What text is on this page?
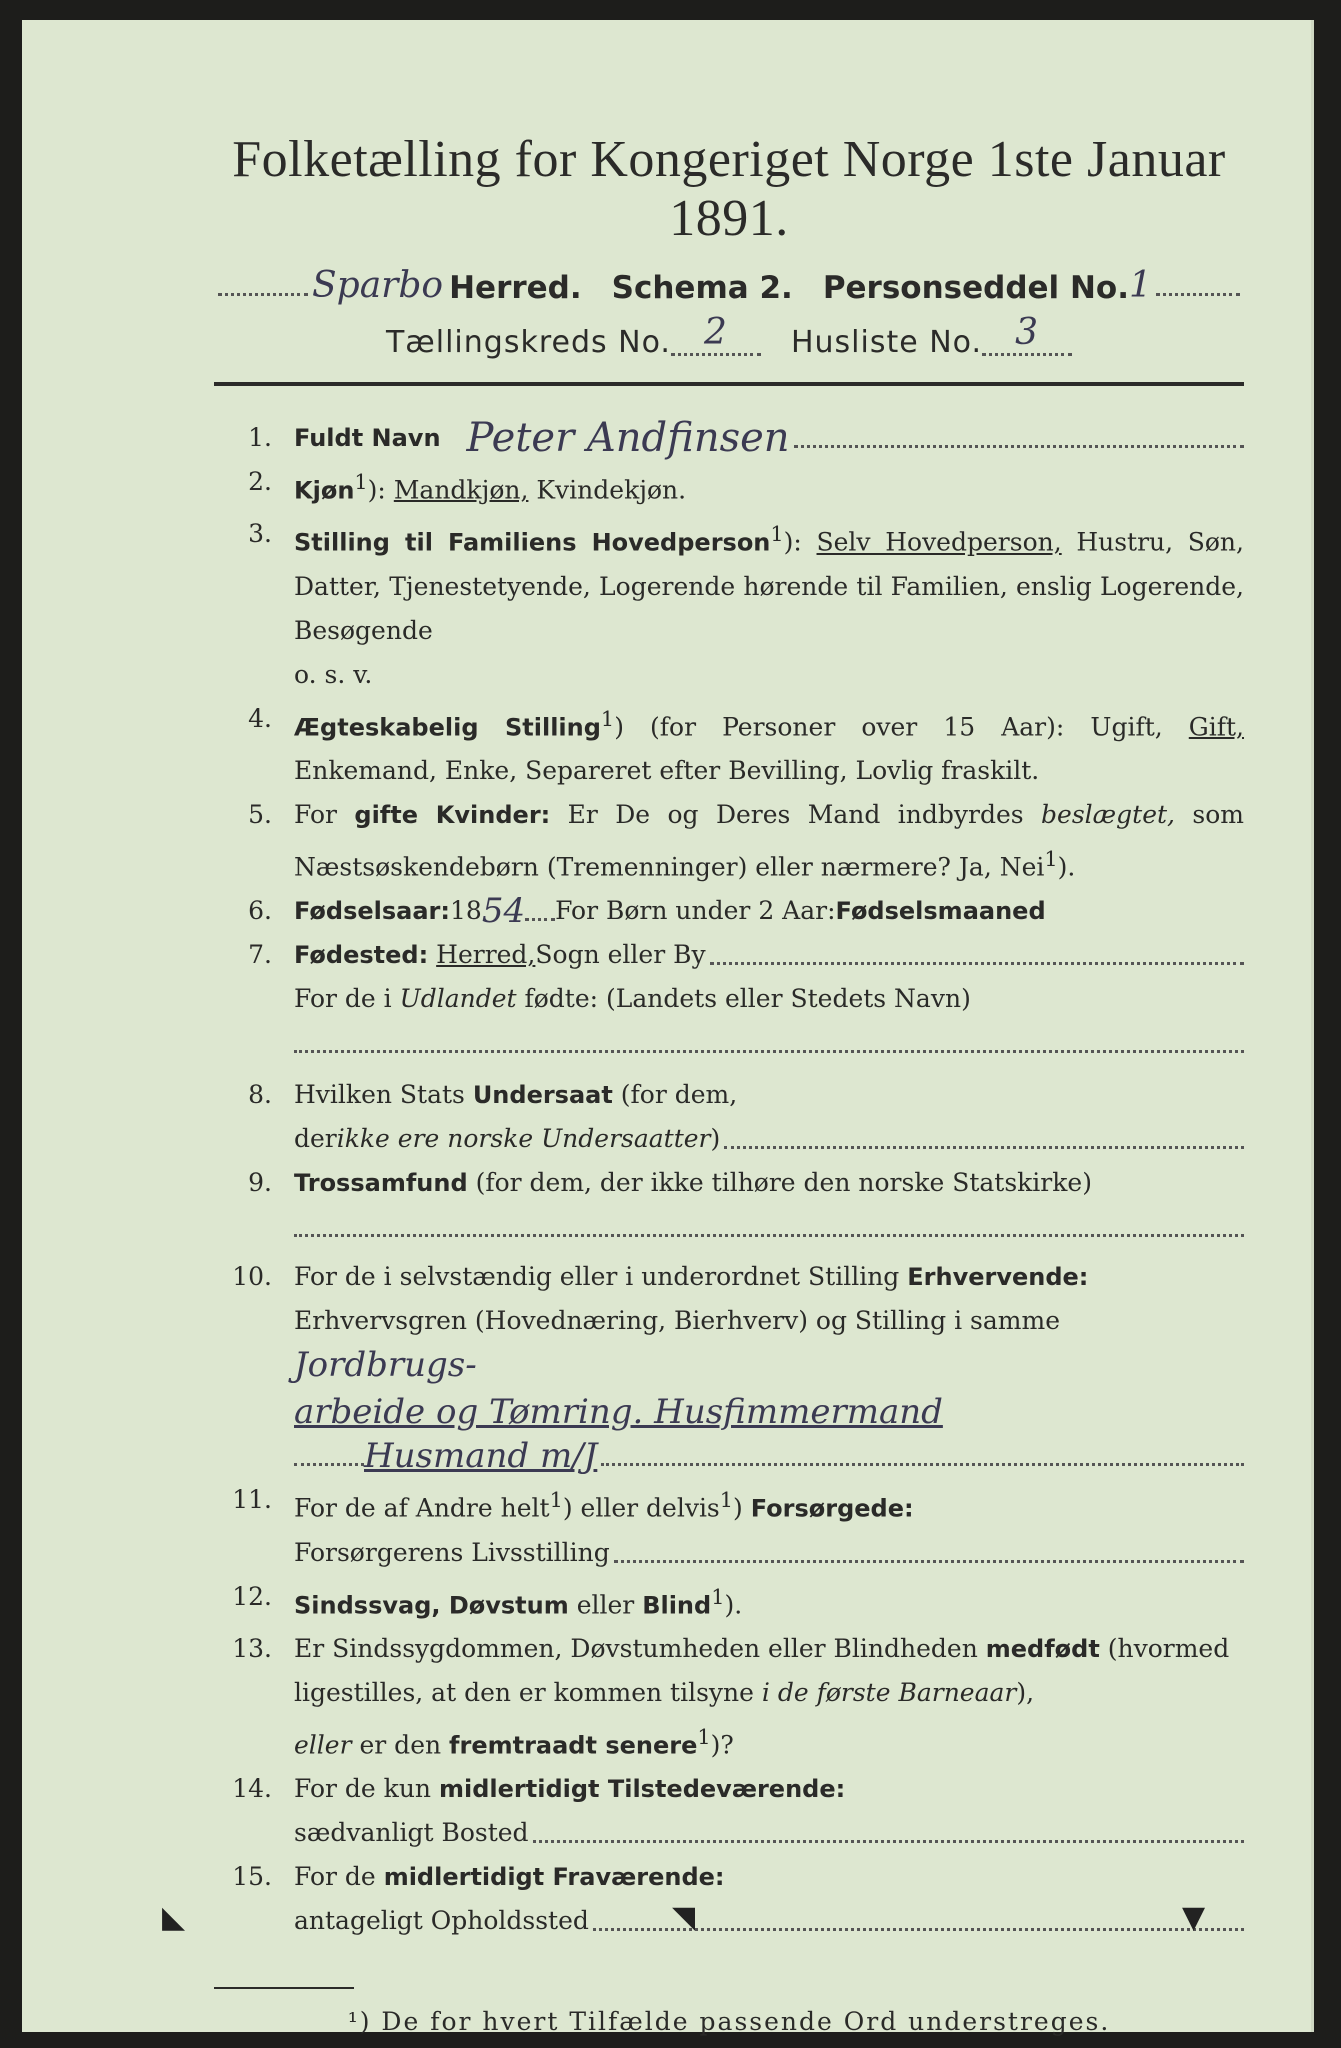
Folketælling for Kongeriget Norge 1ste Januar 1891.
Sparbo Herred. Schema 2. Personseddel No. 1
Tællingskreds No. 2	Husliste No. 3
1. Fuldt Navn Peter Andfinsen
2. Kjøn$^1$): Mandkjøn, Kvindekjøn.
3. Stilling til Familiens Hovedperson$^1$): Selv Hovedperson, Hustru, Søn, Datter, Tjenestetyende, Logerende hørende til Familien, enslig Logerende, Besøgende
o. s. v.
4. Ægteskabelig Stilling$^1$) (for Personer over 15 Aar): Ugift, Gift, Enkemand, Enke, Separeret efter Bevilling, Lovlig fraskilt.
5. For gifte Kvinder: Er De og Deres Mand indbyrdes beslægtet, som Næstsøskendebørn (Tremenninger) eller nærmere? Ja, Nei$^1$).
6. Fødselsaar: 18 54 For Børn under 2 Aar: Fødselsmaaned
7. Fødested:
Herred, Sogn eller By
For de i Udlandet fødte: (Landets eller Stedets Navn)
8. Hvilken Stats Undersaat (for dem,
der ikke ere norske Undersaatter )
9. Trossamfund (for dem, der ikke tilhøre den norske Statskirke)
10. For de i selvstændig eller i underordnet Stilling Erhvervende: Erhvervsgren (Hovednæring, Bierhverv) og Stilling i samme Jordbrugs-
arbeide og Tømring. Husfimmermand
Husmand m/J
11. For de af Andre helt$^1$) eller delvis$^1$) Forsørgede:
Forsørgerens Livsstilling
12. Sindssvag, Døvstum eller Blind$^1$).
13. Er Sindssygdommen, Døvstumheden eller Blindheden medfødt (hvormed ligestilles, at den er kommen tilsyne i de første Barneaar),
eller er den fremtraadt senere$^1$)?
14. For de kun midlertidigt Tilstedeværende:
sædvanligt Bosted
15. For de midlertidigt Fraværende:
antageligt Opholdssted
¹) De for hvert Tilfælde passende Ord understreges.
◣	◥	▼
